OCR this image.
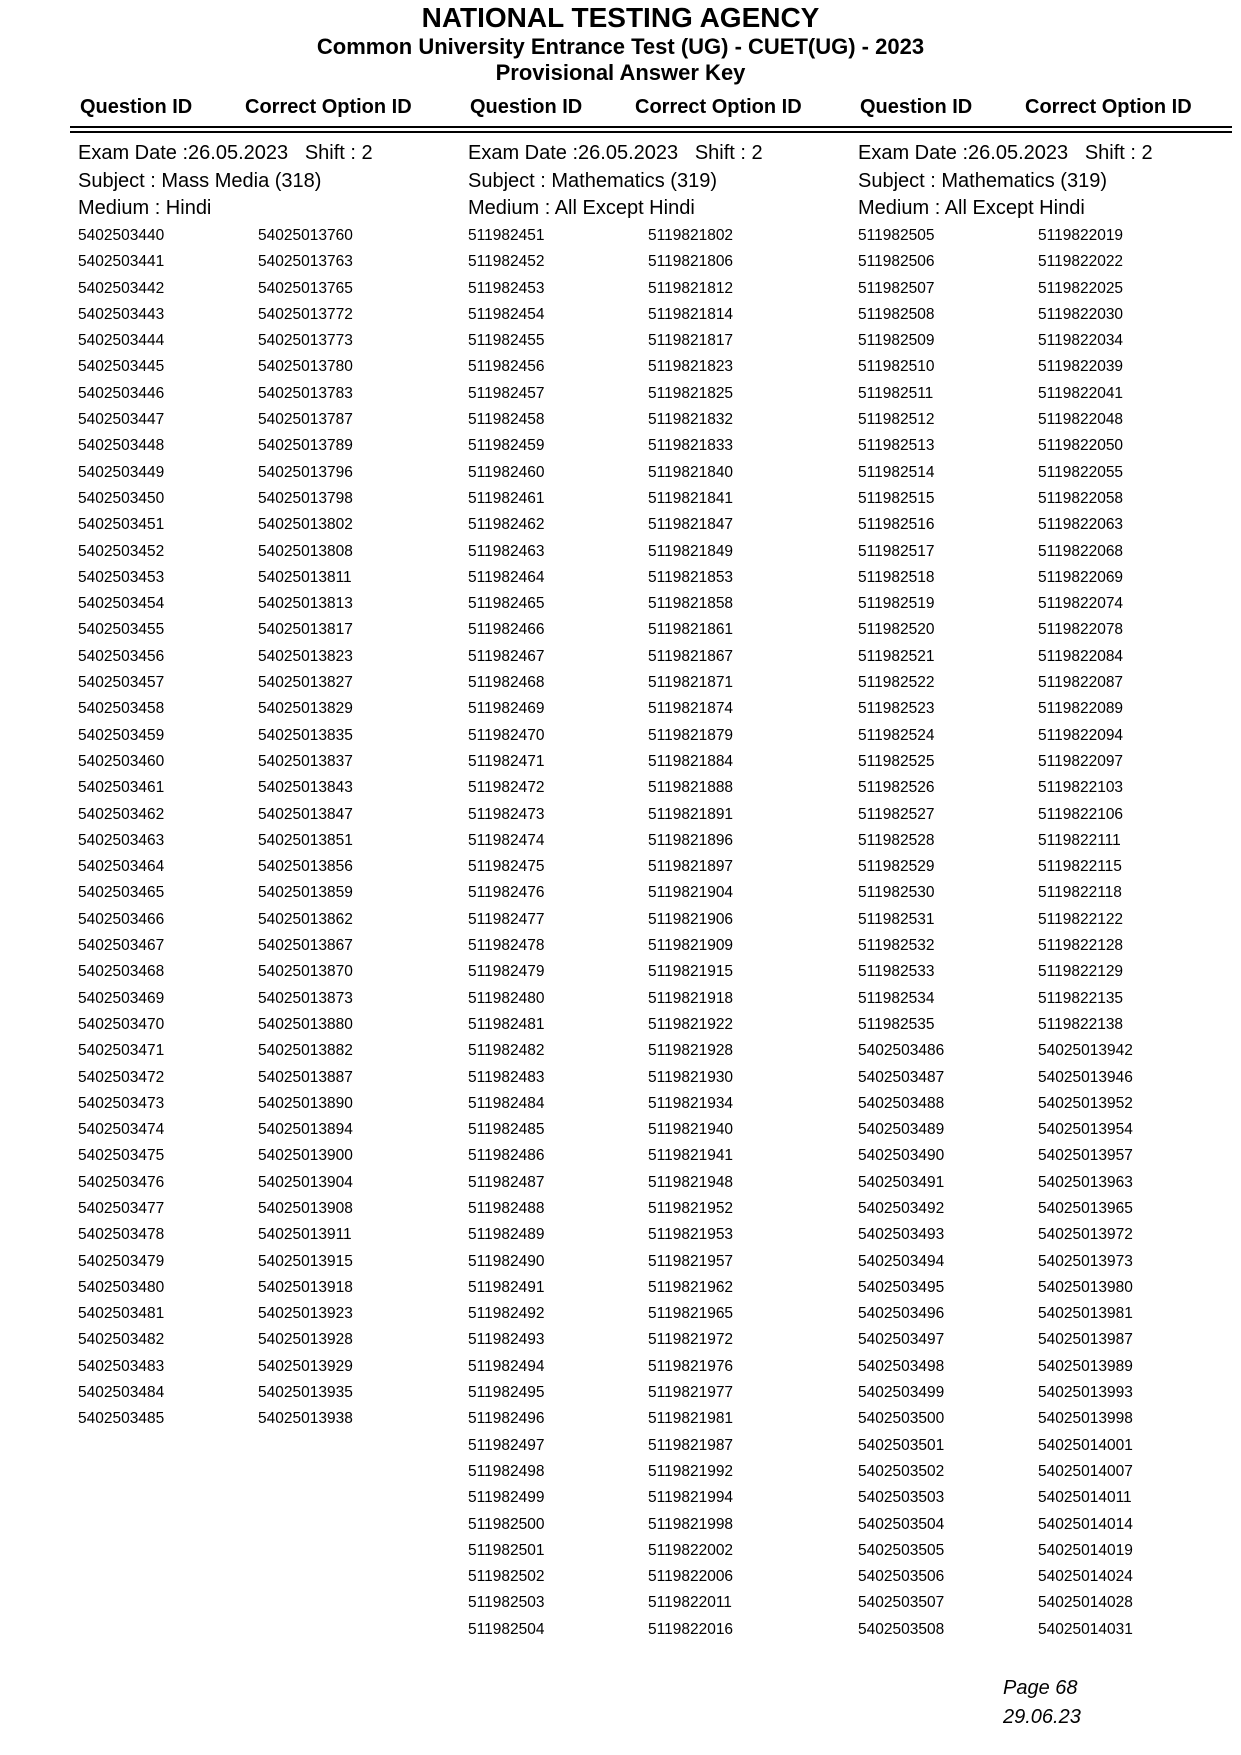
NATIONAL TESTING AGENCY
Common University Entrance Test (UG) - CUET(UG) - 2023
Provisional Answer Key
Question ID	Correct Option ID	Question ID	Correct Option ID	Question ID	Correct Option ID
Exam Date :26.05.2023 Shift : 2
Subject : Mass Media (318)
Medium : Hindi
5402503440	54025013760
5402503441	54025013763
5402503442	54025013765
5402503443	54025013772
5402503444	54025013773
5402503445	54025013780
5402503446	54025013783
5402503447	54025013787
5402503448	54025013789
5402503449	54025013796
5402503450	54025013798
5402503451	54025013802
5402503452	54025013808
5402503453	54025013811
5402503454	54025013813
5402503455	54025013817
5402503456	54025013823
5402503457	54025013827
5402503458	54025013829
5402503459	54025013835
5402503460	54025013837
5402503461	54025013843
5402503462	54025013847
5402503463	54025013851
5402503464	54025013856
5402503465	54025013859
5402503466	54025013862
5402503467	54025013867
5402503468	54025013870
5402503469	54025013873
5402503470	54025013880
5402503471	54025013882
5402503472	54025013887
5402503473	54025013890
5402503474	54025013894
5402503475	54025013900
5402503476	54025013904
5402503477	54025013908
5402503478	54025013911
5402503479	54025013915
5402503480	54025013918
5402503481	54025013923
5402503482	54025013928
5402503483	54025013929
5402503484	54025013935
5402503485	54025013938
Exam Date :26.05.2023 Shift : 2
Subject : Mathematics (319)
Medium : All Except Hindi
511982451	5119821802
511982452	5119821806
511982453	5119821812
511982454	5119821814
511982455	5119821817
511982456	5119821823
511982457	5119821825
511982458	5119821832
511982459	5119821833
511982460	5119821840
511982461	5119821841
511982462	5119821847
511982463	5119821849
511982464	5119821853
511982465	5119821858
511982466	5119821861
511982467	5119821867
511982468	5119821871
511982469	5119821874
511982470	5119821879
511982471	5119821884
511982472	5119821888
511982473	5119821891
511982474	5119821896
511982475	5119821897
511982476	5119821904
511982477	5119821906
511982478	5119821909
511982479	5119821915
511982480	5119821918
511982481	5119821922
511982482	5119821928
511982483	5119821930
511982484	5119821934
511982485	5119821940
511982486	5119821941
511982487	5119821948
511982488	5119821952
511982489	5119821953
511982490	5119821957
511982491	5119821962
511982492	5119821965
511982493	5119821972
511982494	5119821976
511982495	5119821977
511982496	5119821981
511982497	5119821987
511982498	5119821992
511982499	5119821994
511982500	5119821998
511982501	5119822002
511982502	5119822006
511982503	5119822011
511982504	5119822016
Exam Date :26.05.2023 Shift : 2
Subject : Mathematics (319)
Medium : All Except Hindi
511982505	5119822019
511982506	5119822022
511982507	5119822025
511982508	5119822030
511982509	5119822034
511982510	5119822039
511982511	5119822041
511982512	5119822048
511982513	5119822050
511982514	5119822055
511982515	5119822058
511982516	5119822063
511982517	5119822068
511982518	5119822069
511982519	5119822074
511982520	5119822078
511982521	5119822084
511982522	5119822087
511982523	5119822089
511982524	5119822094
511982525	5119822097
511982526	5119822103
511982527	5119822106
511982528	5119822111
511982529	5119822115
511982530	5119822118
511982531	5119822122
511982532	5119822128
511982533	5119822129
511982534	5119822135
511982535	5119822138
5402503486	54025013942
5402503487	54025013946
5402503488	54025013952
5402503489	54025013954
5402503490	54025013957
5402503491	54025013963
5402503492	54025013965
5402503493	54025013972
5402503494	54025013973
5402503495	54025013980
5402503496	54025013981
5402503497	54025013987
5402503498	54025013989
5402503499	54025013993
5402503500	54025013998
5402503501	54025014001
5402503502	54025014007
5402503503	54025014011
5402503504	54025014014
5402503505	54025014019
5402503506	54025014024
5402503507	54025014028
5402503508	54025014031
Page 68
29.06.23
